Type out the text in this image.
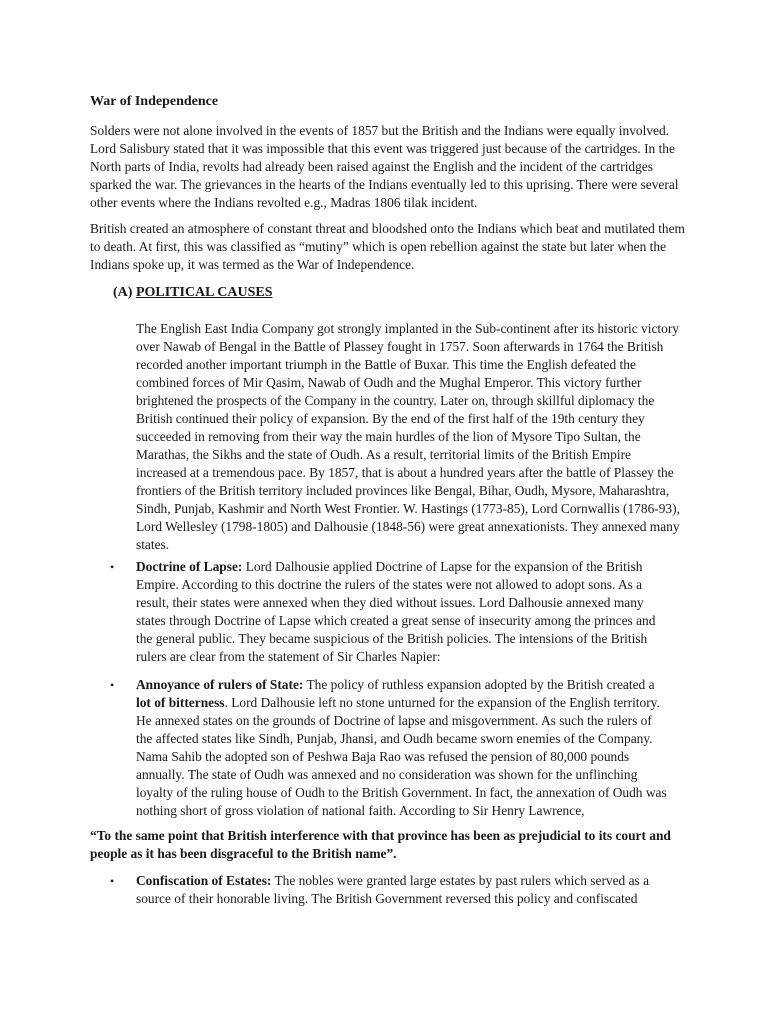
War of Independence

Solders were not alone involved in the events of 1857 but the British and the Indians were equally involved. Lord Salisbury stated that it was impossible that this event was triggered just because of the cartridges. In the North parts of India, revolts had already been raised against the English and the incident of the cartridges sparked the war. The grievances in the hearts of the Indians eventually led to this uprising. There were several other events where the Indians revolted e.g., Madras 1806 tilak incident.

British created an atmosphere of constant threat and bloodshed onto the Indians which beat and mutilated them to death. At first, this was classified as “mutiny” which is open rebellion against the state but later when the Indians spoke up, it was termed as the War of Independence.

(A) POLITICAL CAUSES

The English East India Company got strongly implanted in the Sub-continent after its historic victory over Nawab of Bengal in the Battle of Plassey fought in 1757. Soon afterwards in 1764 the British recorded another important triumph in the Battle of Buxar. This time the English defeated the combined forces of Mir Qasim, Nawab of Oudh and the Mughal Emperor. This victory further brightened the prospects of the Company in the country. Later on, through skillful diplomacy the British continued their policy of expansion. By the end of the first half of the 19th century they succeeded in removing from their way the main hurdles of the lion of Mysore Tipo Sultan, the Marathas, the Sikhs and the state of Oudh. As a result, territorial limits of the British Empire increased at a tremendous pace. By 1857, that is about a hundred years after the battle of Plassey the frontiers of the British territory included provinces like Bengal, Bihar, Oudh, Mysore, Maharashtra, Sindh, Punjab, Kashmir and North West Frontier. W. Hastings (1773-85), Lord Cornwallis (1786-93), Lord Wellesley (1798-1805) and Dalhousie (1848-56) were great annexationists. They annexed many states.

• Doctrine of Lapse: Lord Dalhousie applied Doctrine of Lapse for the expansion of the British Empire. According to this doctrine the rulers of the states were not allowed to adopt sons. As a result, their states were annexed when they died without issues. Lord Dalhousie annexed many states through Doctrine of Lapse which created a great sense of insecurity among the princes and the general public. They became suspicious of the British policies. The intensions of the British rulers are clear from the statement of Sir Charles Napier:
• Annoyance of rulers of State: The policy of ruthless expansion adopted by the British created a lot of bitterness. Lord Dalhousie left no stone unturned for the expansion of the English territory. He annexed states on the grounds of Doctrine of lapse and misgovernment. As such the rulers of the affected states like Sindh, Punjab, Jhansi, and Oudh became sworn enemies of the Company. Nama Sahib the adopted son of Peshwa Baja Rao was refused the pension of 80,000 pounds annually. The state of Oudh was annexed and no consideration was shown for the unflinching loyalty of the ruling house of Oudh to the British Government. In fact, the annexation of Oudh was nothing short of gross violation of national faith. According to Sir Henry Lawrence,

“To the same point that British interference with that province has been as prejudicial to its court and people as it has been disgraceful to the British name”.

• Confiscation of Estates: The nobles were granted large estates by past rulers which served as a source of their honorable living. The British Government reversed this policy and confiscated
